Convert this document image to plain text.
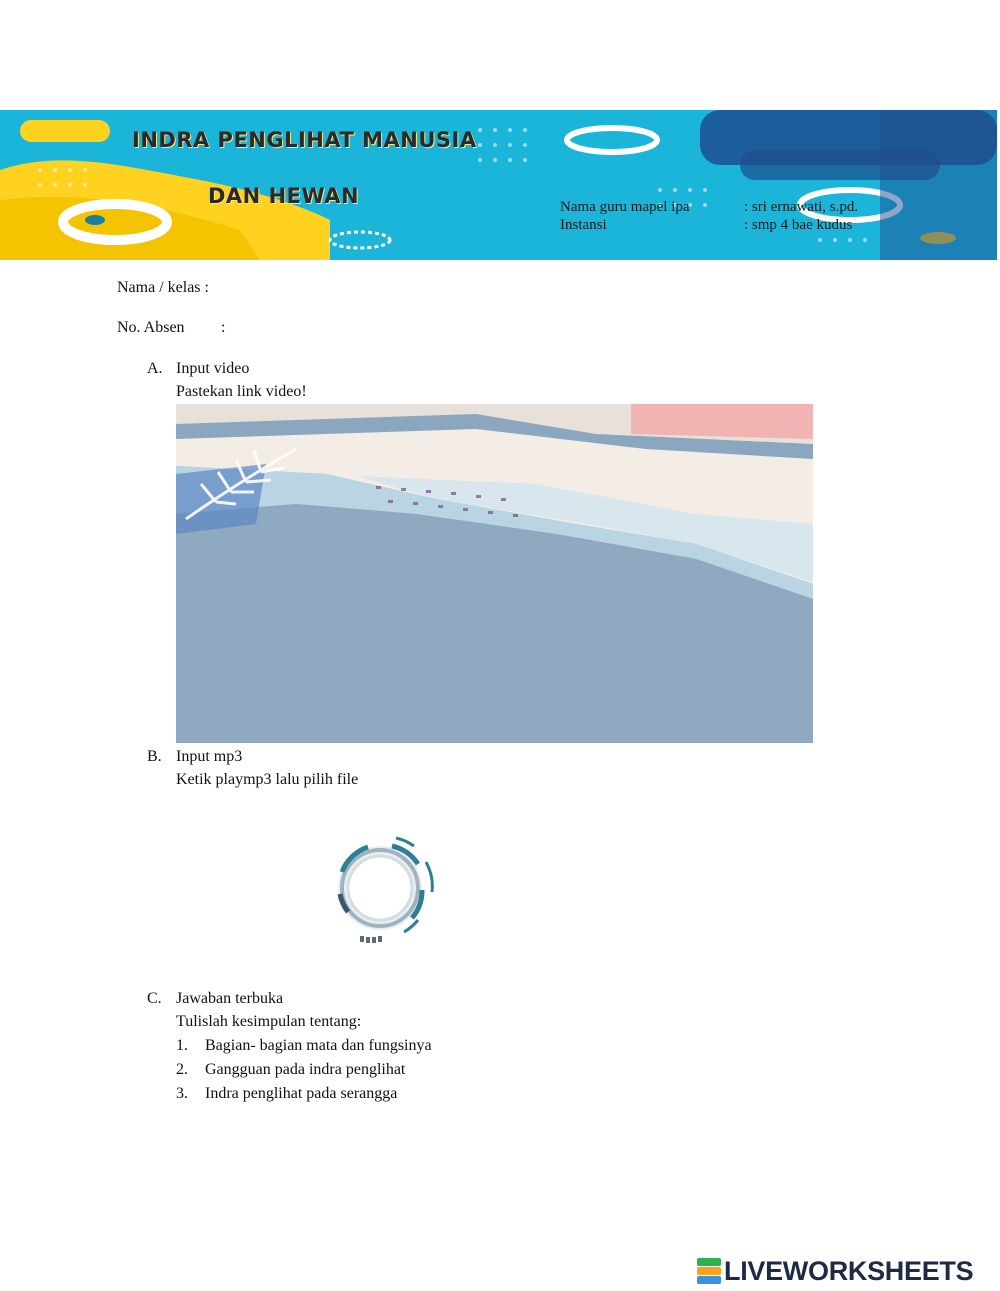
INDRA PENGLIHAT MANUSIA
DAN HEWAN	Nama guru mapel ipa	: sri ernawati, s.pd.
Instansi	: smp 4 bae kudus
Nama / kelas :
No. Absen :
A. Input video
Pastekan link video!
B. Input mp3
Ketik playmp3 lalu pilih file
C. Jawaban terbuka
Tulislah kesimpulan tentang:
1. Bagian- bagian mata dan fungsinya
2. Gangguan pada indra penglihat
3. Indra penglihat pada serangga
LIVEWORKSHEETS
